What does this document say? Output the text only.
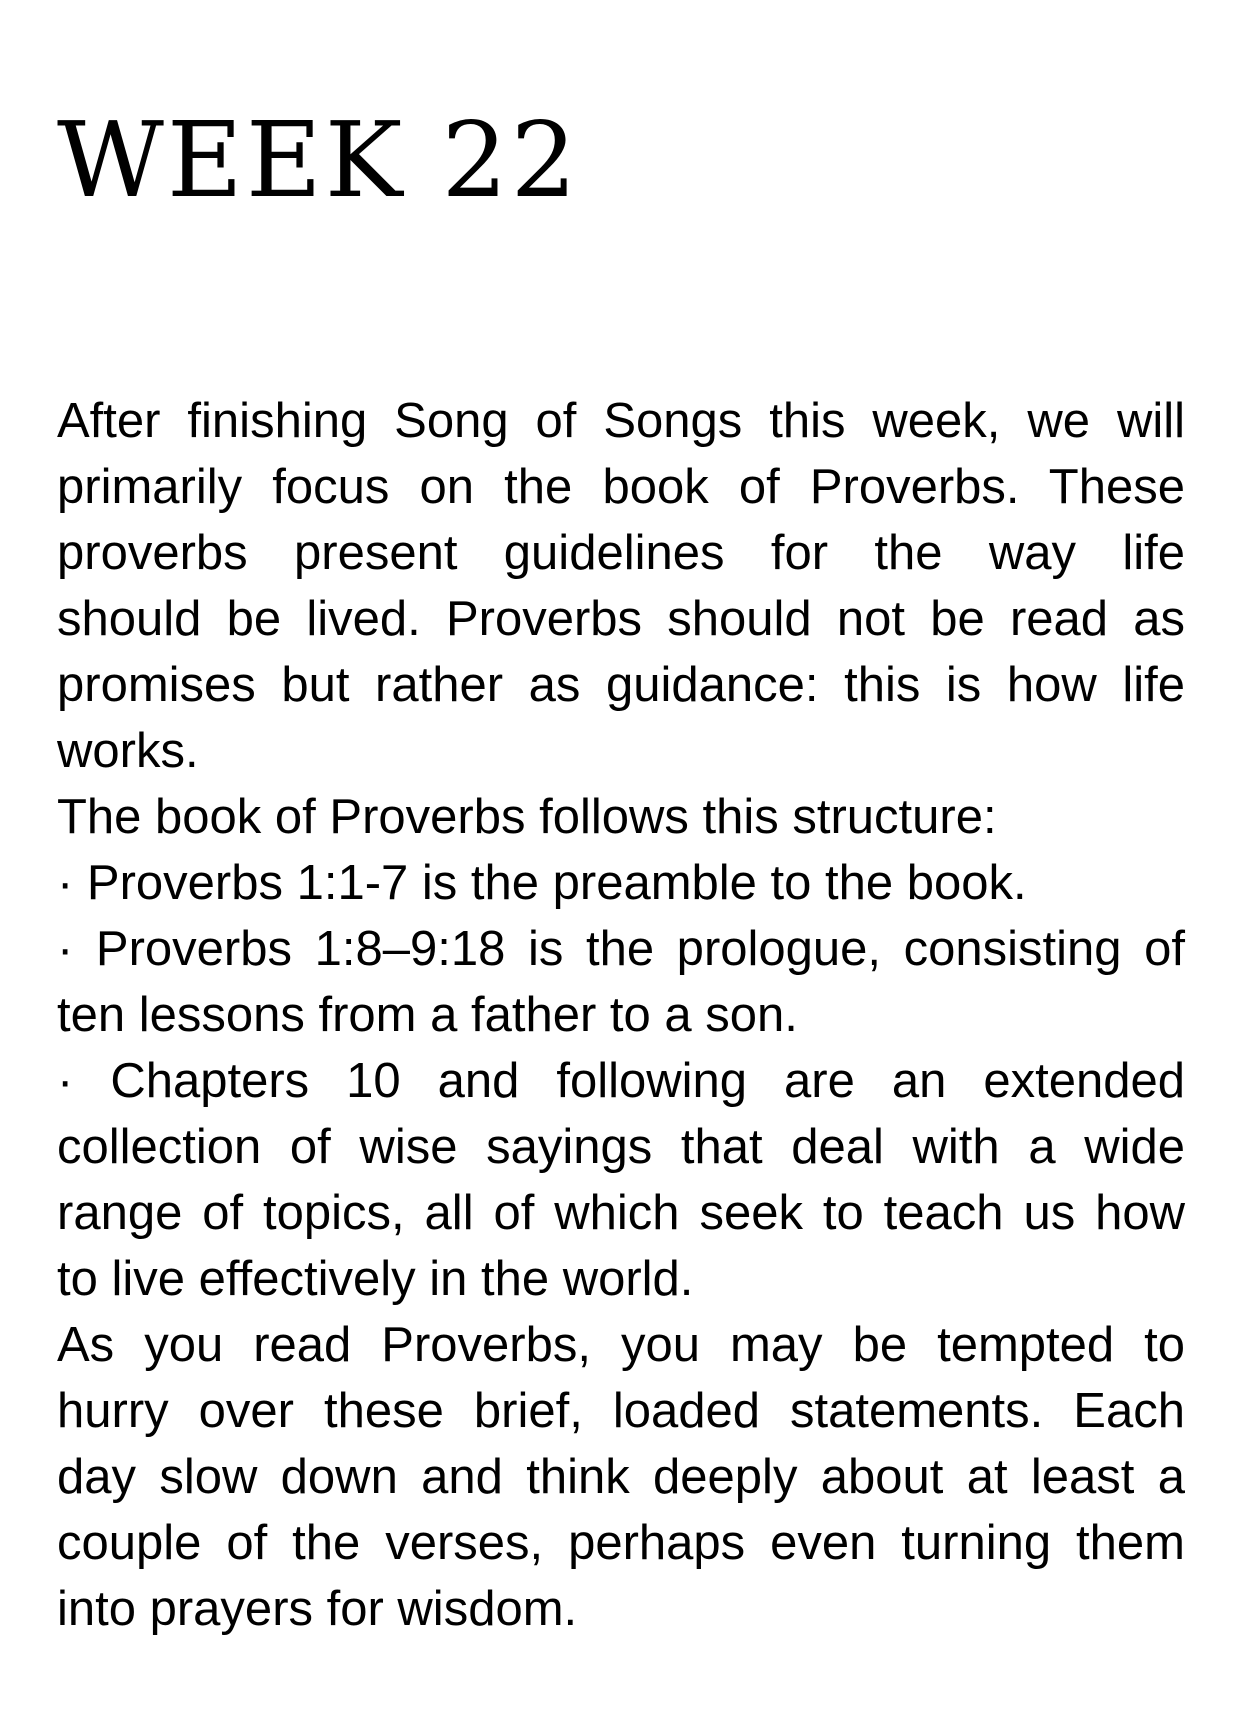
WEEK 22

After finishing Song of Songs this week, we will
primarily focus on the book of Proverbs. These
proverbs present guidelines for the way life
should be lived. Proverbs should not be read as
promises but rather as guidance: this is how life
works.

The book of Proverbs follows this structure:

· Proverbs 1:1-7 is the preamble to the book.

· Proverbs 1:8–9:18 is the prologue, consisting of
ten lessons from a father to a son.

· Chapters 10 and following are an extended
collection of wise sayings that deal with a wide
range of topics, all of which seek to teach us how
to live effectively in the world.

As you read Proverbs, you may be tempted to
hurry over these brief, loaded statements. Each
day slow down and think deeply about at least a
couple of the verses, perhaps even turning them
into prayers for wisdom.
